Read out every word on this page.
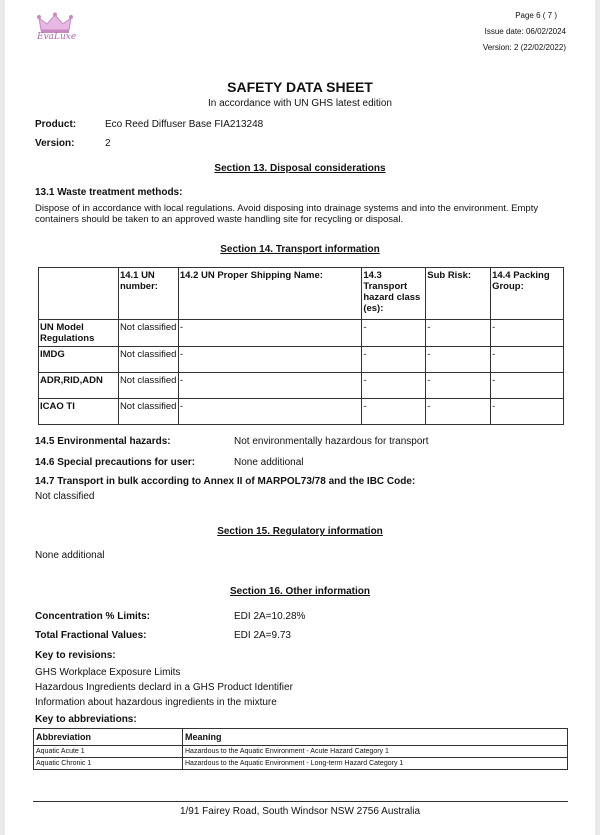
EvaLuxe
Page 6 ( 7 )
Issue date: 06/02/2024
Version: 2 (22/02/2022)
SAFETY DATA SHEET
In accordance with UN GHS latest edition
Product:	Eco Reed Diffuser Base FIA213248
Version:	2
Section 13. Disposal considerations
13.1 Waste treatment methods:
Dispose of in accordance with local regulations. Avoid disposing into drainage systems and into the environment. Empty
containers should be taken to an approved waste handling site for recycling or disposal.
Section 14. Transport information
	14.1 UN number:	14.2 UN Proper Shipping Name:	14.3 Transport hazard class (es):	Sub Risk:	14.4 Packing Group:
UN Model Regulations	Not classified	-	-	-	-
IMDG	Not classified	-	-	-	-
ADR,RID,ADN	Not classified	-	-	-	-
ICAO TI	Not classified	-	-	-	-
14.5 Environmental hazards:	Not environmentally hazardous for transport
14.6 Special precautions for user:	None additional
14.7 Transport in bulk according to Annex II of MARPOL73/78 and the IBC Code:
Not classified
Section 15. Regulatory information
None additional
Section 16. Other information
Concentration % Limits:	EDI 2A=10.28%
Total Fractional Values:	EDI 2A=9.73
Key to revisions:
GHS Workplace Exposure Limits
Hazardous Ingredients declard in a GHS Product Identifier
Information about hazardous ingredients in the mixture
Key to abbreviations:
Abbreviation	Meaning
Aquatic Acute 1	Hazardous to the Aquatic Environment - Acute Hazard Category 1
Aquatic Chronic 1	Hazardous to the Aquatic Environment - Long-term Hazard Category 1
1/91 Fairey Road, South Windsor NSW 2756 Australia
